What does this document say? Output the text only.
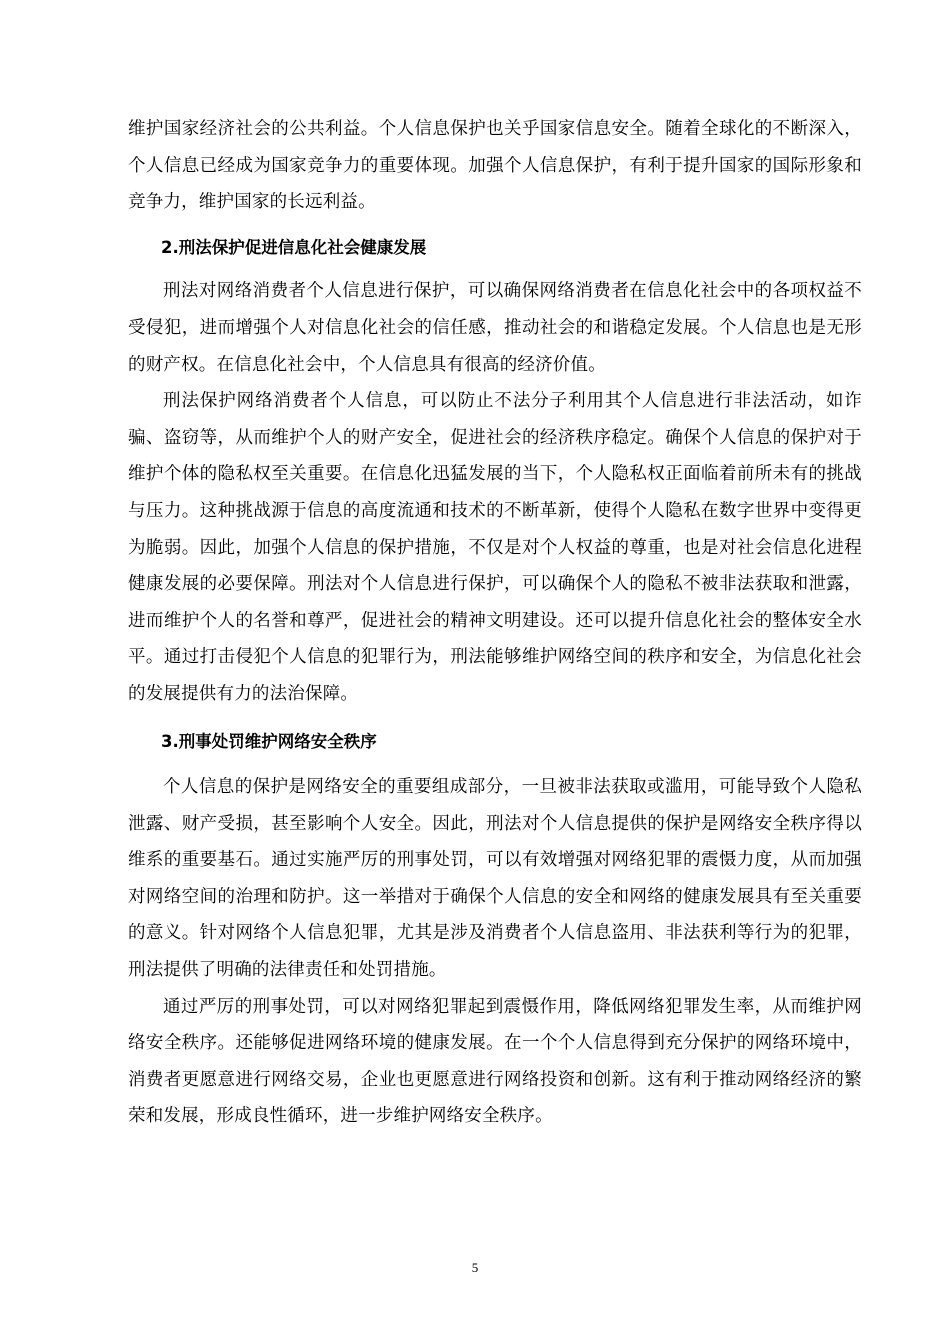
维护国家经济社会的公共利益。个人信息保护也关乎国家信息安全。随着全球化的不断深入，个人信息已经成为国家竞争力的重要体现。加强个人信息保护，有利于提升国家的国际形象和竞争力，维护国家的长远利益。

2.刑法保护促进信息化社会健康发展

刑法对网络消费者个人信息进行保护，可以确保网络消费者在信息化社会中的各项权益不受侵犯，进而增强个人对信息化社会的信任感，推动社会的和谐稳定发展。个人信息也是无形的财产权。在信息化社会中，个人信息具有很高的经济价值。

刑法保护网络消费者个人信息，可以防止不法分子利用其个人信息进行非法活动，如诈骗、盗窃等，从而维护个人的财产安全，促进社会的经济秩序稳定。确保个人信息的保护对于维护个体的隐私权至关重要。在信息化迅猛发展的当下，个人隐私权正面临着前所未有的挑战与压力。这种挑战源于信息的高度流通和技术的不断革新，使得个人隐私在数字世界中变得更为脆弱。因此，加强个人信息的保护措施，不仅是对个人权益的尊重，也是对社会信息化进程健康发展的必要保障。刑法对个人信息进行保护，可以确保个人的隐私不被非法获取和泄露，进而维护个人的名誉和尊严，促进社会的精神文明建设。还可以提升信息化社会的整体安全水平。通过打击侵犯个人信息的犯罪行为，刑法能够维护网络空间的秩序和安全，为信息化社会的发展提供有力的法治保障。

3.刑事处罚维护网络安全秩序

个人信息的保护是网络安全的重要组成部分，一旦被非法获取或滥用，可能导致个人隐私泄露、财产受损，甚至影响个人安全。因此，刑法对个人信息提供的保护是网络安全秩序得以维系的重要基石。通过实施严厉的刑事处罚，可以有效增强对网络犯罪的震慑力度，从而加强对网络空间的治理和防护。这一举措对于确保个人信息的安全和网络的健康发展具有至关重要的意义。针对网络个人信息犯罪，尤其是涉及消费者个人信息盗用、非法获利等行为的犯罪，刑法提供了明确的法律责任和处罚措施。

通过严厉的刑事处罚，可以对网络犯罪起到震慑作用，降低网络犯罪发生率，从而维护网络安全秩序。还能够促进网络环境的健康发展。在一个个人信息得到充分保护的网络环境中，消费者更愿意进行网络交易，企业也更愿意进行网络投资和创新。这有利于推动网络经济的繁荣和发展，形成良性循环，进一步维护网络安全秩序。

5
